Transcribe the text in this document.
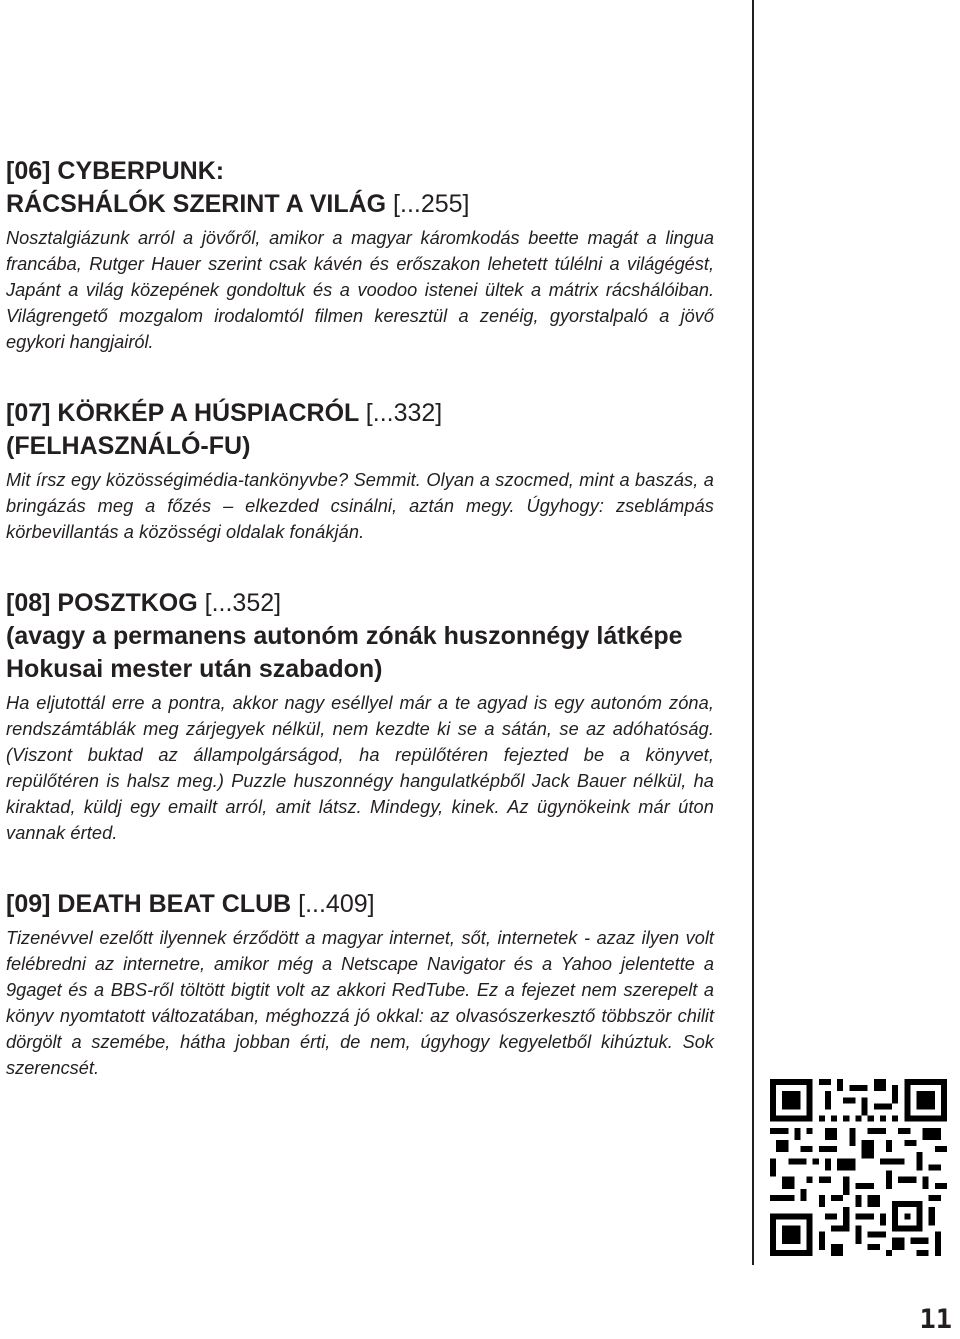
[06] CYBERPUNK:
RÁCSHÁLÓK SZERINT A VILÁG [...255]

Nosztalgiázunk arról a jövőről, amikor a magyar káromkodás beette magát a lingua francába, Rutger Hauer szerint csak kávén és erőszakon lehetett túlélni a világégést, Japánt a világ közepének gondoltuk és a voodoo istenei ültek a mátrix rácshálóiban. Világrengető mozgalom irodalomtól filmen keresztül a zenéig, gyorstalpaló a jövő egykori hangjairól.

[07] KÖRKÉP A HÚSPIACRÓL [...332]
(FELHASZNÁLÓ-FU)

Mit írsz egy közösségimédia-tankönyvbe? Semmit. Olyan a szocmed, mint a baszás, a bringázás meg a főzés – elkezded csinálni, aztán megy. Úgyhogy: zseblámpás körbevillantás a közösségi oldalak fonákján.

[08] POSZTKOG [...352]

(avagy a permanens autonóm zónák huszonnégy látképe Hokusai mester után szabadon)

Ha eljutottál erre a pontra, akkor nagy eséllyel már a te agyad is egy autonóm zóna, rendszámtáblák meg zárjegyek nélkül, nem kezdte ki se a sátán, se az adóhatóság. (Viszont buktad az állampolgárságod, ha repülőtéren fejezted be a könyvet, repülőtéren is halsz meg.) Puzzle huszonnégy hangulatképből Jack Bauer nélkül, ha kiraktad, küldj egy emailt arról, amit látsz. Mindegy, kinek. Az ügynökeink már úton vannak érted.

[09] DEATH BEAT CLUB [...409]

Tizenévvel ezelőtt ilyennek érződött a magyar internet, sőt, internetek - azaz ilyen volt felébredni az internetre, amikor még a Netscape Navigator és a Yahoo jelentette a 9gaget és a BBS-ről töltött bigtit volt az akkori RedTube. Ez a fejezet nem szerepelt a könyv nyomtatott változatában, méghozzá jó okkal: az olvasószerkesztő többször chilit dörgölt a szemébe, hátha jobban érti, de nem, úgyhogy kegyeletből kihúztuk. Sok szerencsét.

11
